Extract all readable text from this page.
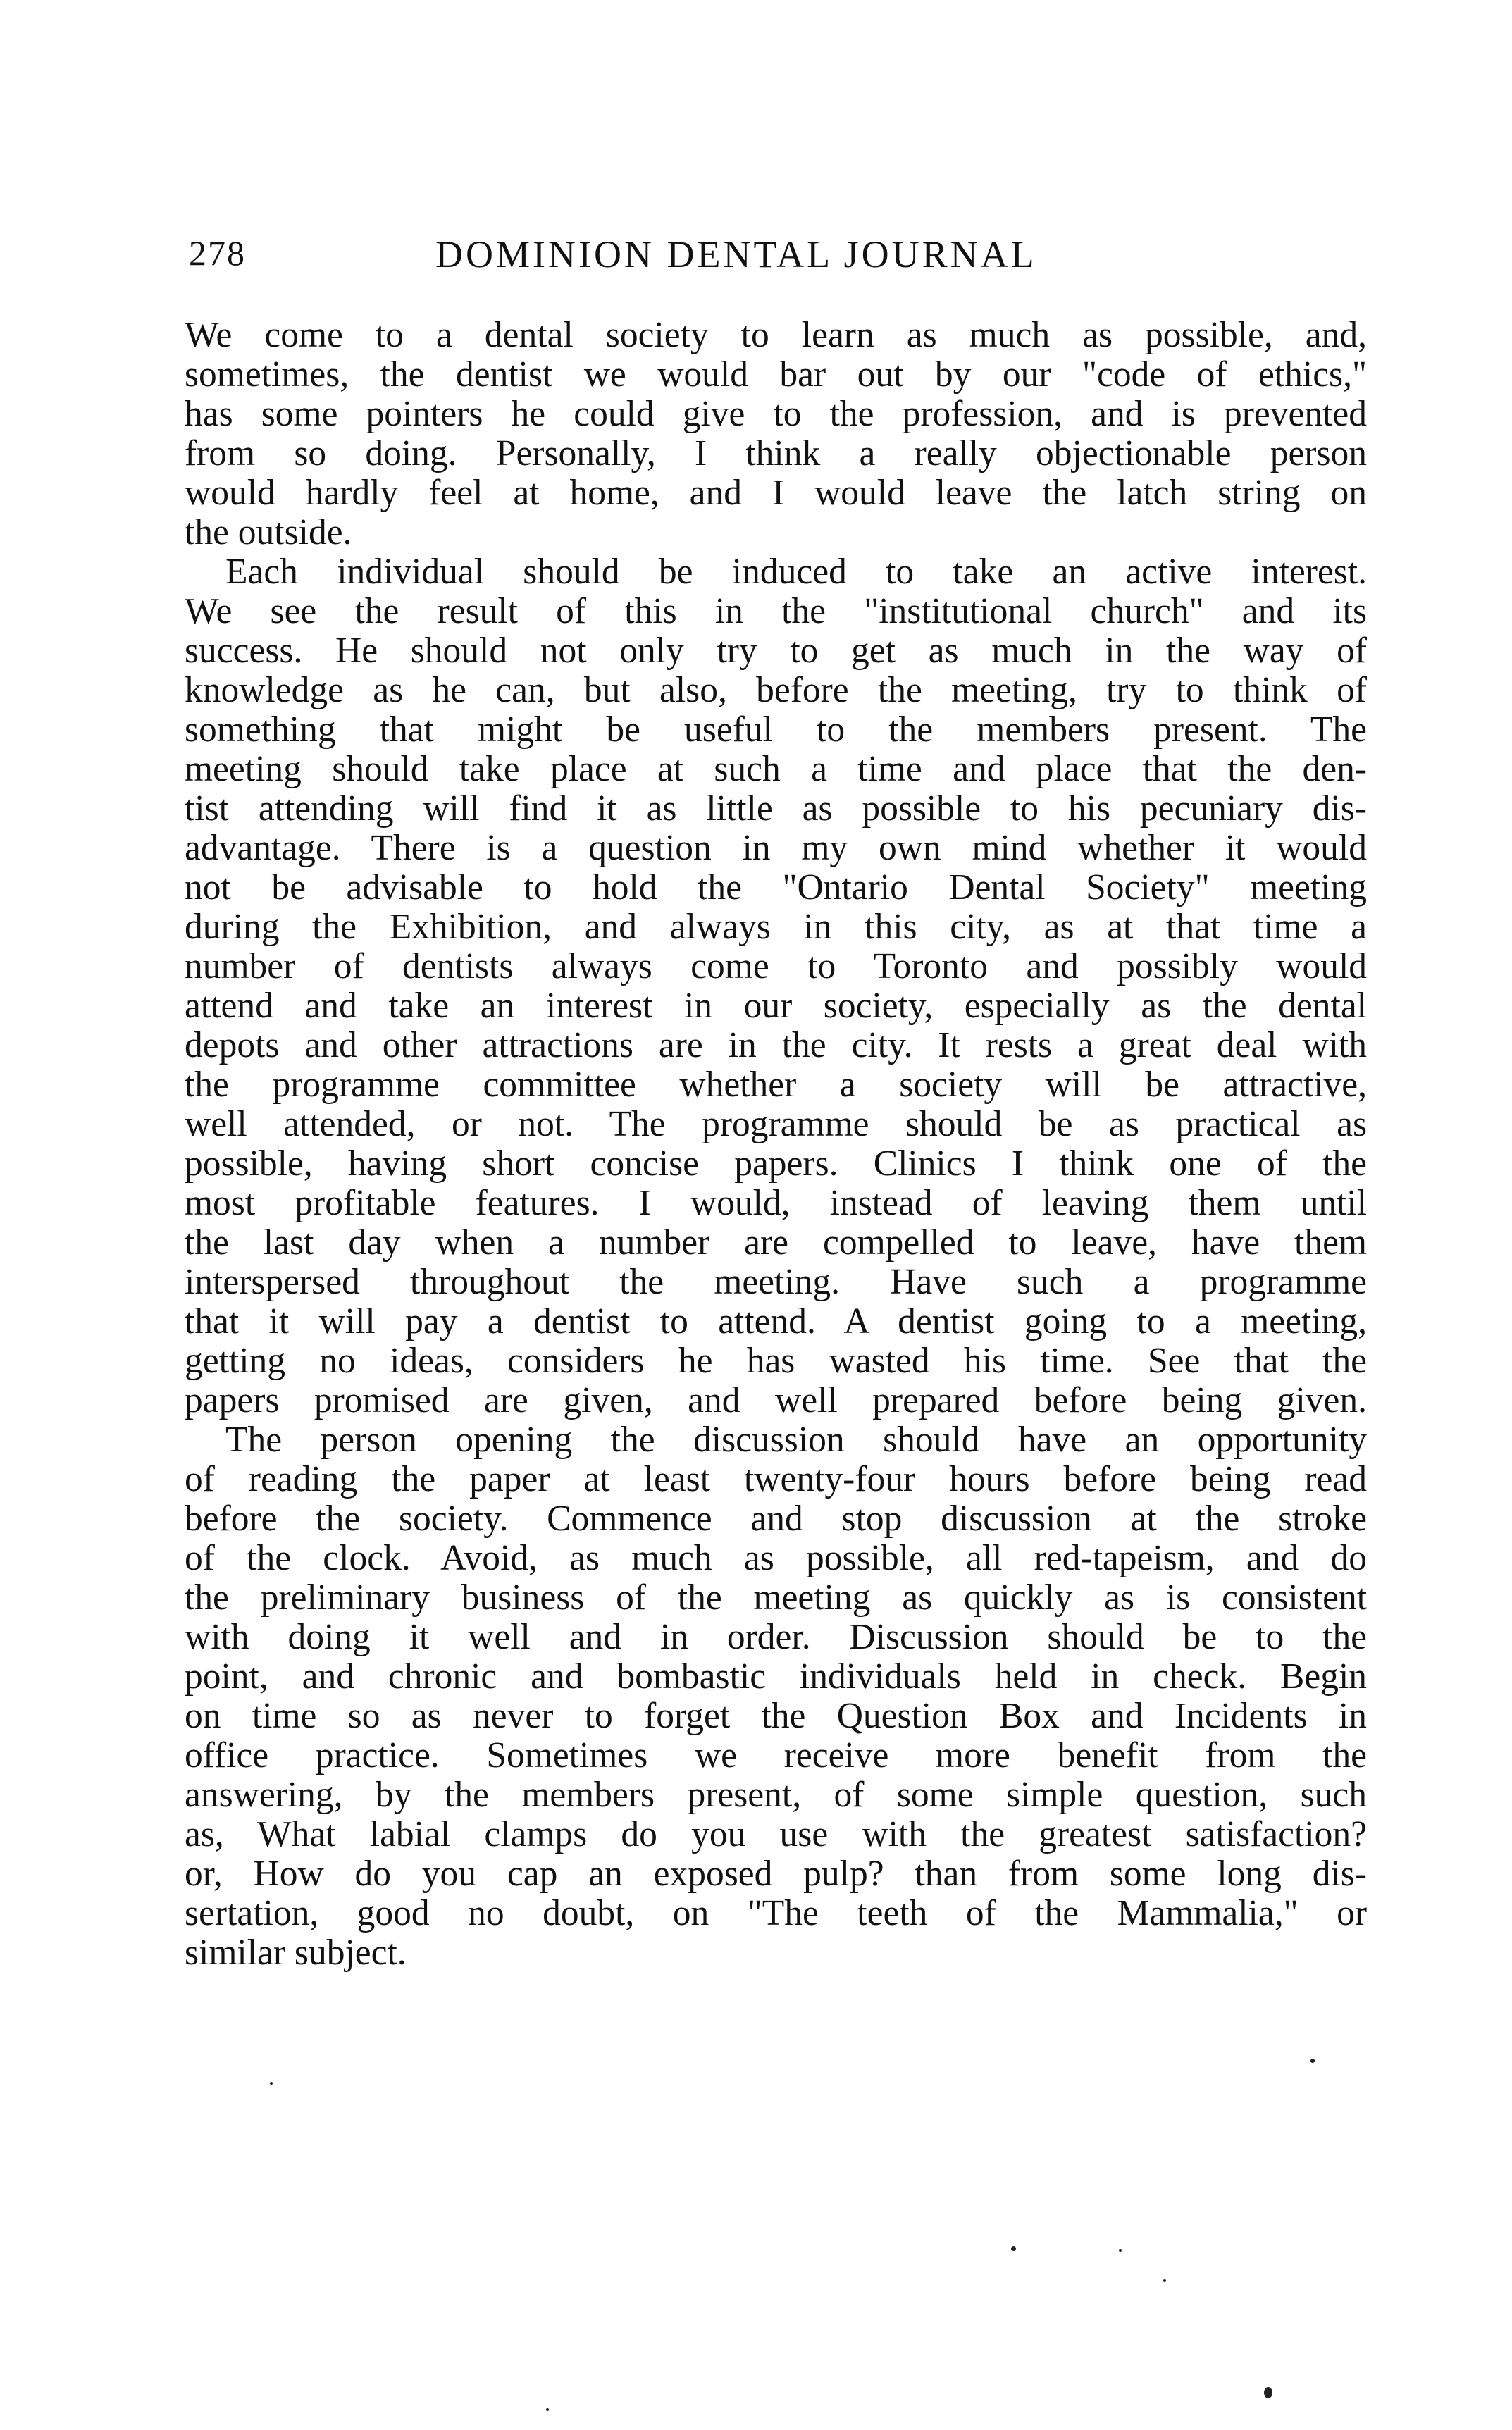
278	DOMINION DENTAL JOURNAL
We come to a dental society to learn as much as possible, and,
sometimes, the dentist we would bar out by our "code of ethics,"
has some pointers he could give to the profession, and is prevented
from so doing. Personally, I think a really objectionable person
would hardly feel at home, and I would leave the latch string on
the outside.
Each individual should be induced to take an active interest.
We see the result of this in the "institutional church" and its
success. He should not only try to get as much in the way of
knowledge as he can, but also, before the meeting, try to think of
something that might be useful to the members present. The
meeting should take place at such a time and place that the den-
tist attending will find it as little as possible to his pecuniary dis-
advantage. There is a question in my own mind whether it would
not be advisable to hold the "Ontario Dental Society" meeting
during the Exhibition, and always in this city, as at that time a
number of dentists always come to Toronto and possibly would
attend and take an interest in our society, especially as the dental
depots and other attractions are in the city. It rests a great deal with
the programme committee whether a society will be attractive,
well attended, or not. The programme should be as practical as
possible, having short concise papers. Clinics I think one of the
most profitable features. I would, instead of leaving them until
the last day when a number are compelled to leave, have them
interspersed throughout the meeting. Have such a programme
that it will pay a dentist to attend. A dentist going to a meeting,
getting no ideas, considers he has wasted his time. See that the
papers promised are given, and well prepared before being given.
The person opening the discussion should have an opportunity
of reading the paper at least twenty-four hours before being read
before the society. Commence and stop discussion at the stroke
of the clock. Avoid, as much as possible, all red-tapeism, and do
the preliminary business of the meeting as quickly as is consistent
with doing it well and in order. Discussion should be to the
point, and chronic and bombastic individuals held in check. Begin
on time so as never to forget the Question Box and Incidents in
office practice. Sometimes we receive more benefit from the
answering, by the members present, of some simple question, such
as, What labial clamps do you use with the greatest satisfaction?
or, How do you cap an exposed pulp? than from some long dis-
sertation, good no doubt, on "The teeth of the Mammalia," or
similar subject.
